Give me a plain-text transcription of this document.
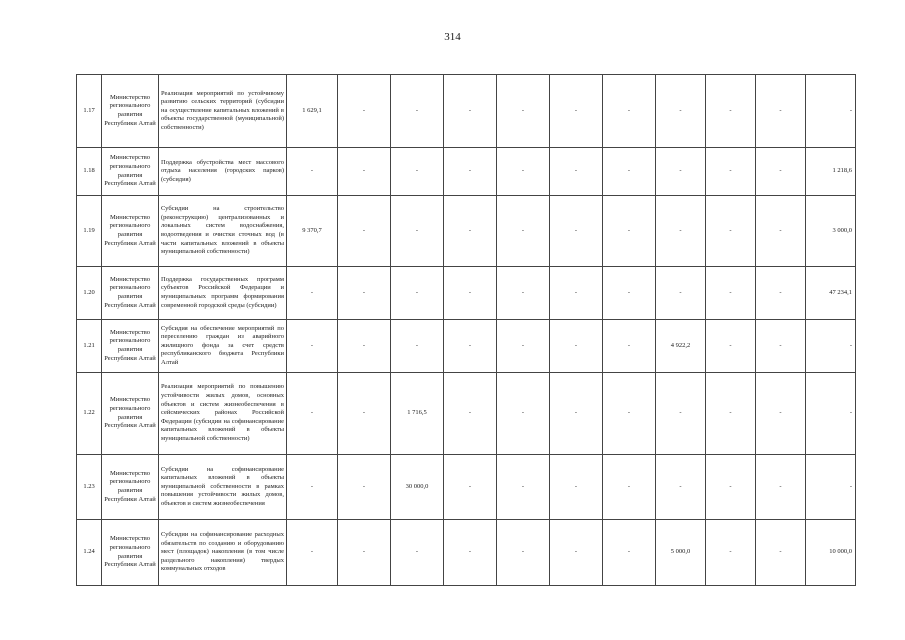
314
1.17	Министерство регионального развития Республики Алтай	Реализация мероприятий по устойчивому развитию сельских территорий (субсидии на осуществление капитальных вложений в объекты государственной (муниципальной) собственности)	1 629,1	-	-	-	-	-	-	-	-	-	-
1.18	Министерство регионального развития Республики Алтай	Поддержка обустройства мест массового отдыха населения (городских парков) (субсидия)	-	-	-	-	-	-	-	-	-	-	1 218,6
1.19	Министерство регионального развития Республики Алтай	Субсидии на строительство (реконструкцию) централизованных и локальных систем водоснабжения, водоотведения и очистки сточных вод (в части капитальных вложений в объекты муниципальной собственности)	9 370,7	-	-	-	-	-	-	-	-	-	3 000,0
1.20	Министерство регионального развития Республики Алтай	Поддержка государственных программ субъектов Российской Федерации и муниципальных программ формирования современной городской среды (субсидии)	-	-	-	-	-	-	-	-	-	-	47 234,1
1.21	Министерство регионального развития Республики Алтай	Субсидия на обеспечение мероприятий по переселению граждан из аварийного жилищного фонда за счет средств республиканского бюджета Республики Алтай	-	-	-	-	-	-	-	4 922,2	-	-	-
1.22	Министерство регионального развития Республики Алтай	Реализация мероприятий по повышению устойчивости жилых домов, основных объектов и систем жизнеобеспечения в сейсмических районах Российской Федерации (субсидии на софинансирование капитальных вложений в объекты муниципальной собственности)	-	-	1 716,5	-	-	-	-	-	-	-	-
1.23	Министерство регионального развития Республики Алтай	Субсидии на софинансирование капитальных вложений в объекты муниципальной собственности в рамках повышения устойчивости жилых домов, объектов и систем жизнеобеспечения	-	-	30 000,0	-	-	-	-	-	-	-	-
1.24	Министерство регионального развития Республики Алтай	Субсидии на софинансирование расходных обязательств по созданию и оборудованию мест (площадок) накопления (в том числе раздельного накопления) твердых коммунальных отходов	-	-	-	-	-	-	-	5 000,0	-	-	10 000,0
